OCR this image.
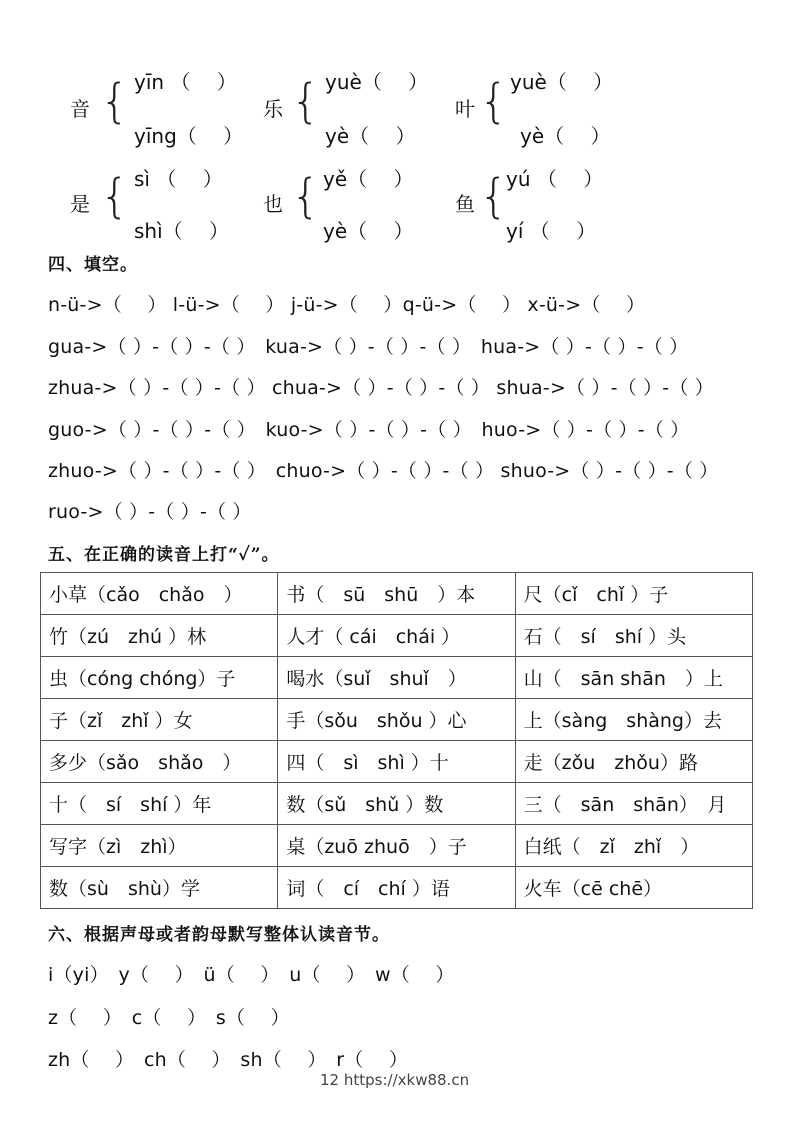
音 { yīn （　 ）
yīng（　 ）
乐 { yuè（　 ）
yè（　 ）
叶 { yuè（　 ）
yè（　 ）
是 { sì （　 ）
shì（　 ）
也 { yě（　 ）
yè（　 ）
鱼 {
yú （　 ）
yí （　 ）
四、填空。
n-ü->（　 ） l-ü->（　 ） j-ü->（　 ）q-ü->（　 ） x-ü->（　 ）
gua->（ ）-（ ）-（ ）　kua->（ ）-（ ）-（ ）　hua->（ ）-（ ）-（ ）
zhua->（ ）-（ ）-（ ） chua->（ ）-（ ）-（ ） shua->（ ）-（ ）-（ ）
guo->（ ）-（ ）-（ ）　kuo->（ ）-（ ）-（ ）　huo->（ ）-（ ）-（ ）
zhuo->（ ）-（ ）-（ ）　chuo->（ ）-（ ）-（ ） shuo->（ ）-（ ）-（ ）
ruo->（ ）-（ ）-（ ）
五、在正确的读音上打“✓”。
小草（cǎo　chǎo　）	书（　sū　shū　）本	尺（cǐ　chǐ ）子
竹（zú　zhú ）林	人才（ cái　chái ）	石（　sí　shí ）头
虫（cóng chóng）子	喝水（suǐ　shuǐ　）	山（　sān shān　）上
子（zǐ　zhǐ ）女	手（sǒu　shǒu ）心	上（sàng　shàng）去
多少（sǎo　shǎo　）	四（　sì　shì ）十	走（zǒu　zhǒu）路
十（　sí　shí ）年	数（sǔ　shǔ ）数	三（　sān　shān）　月
写字（zì　zhì）	桌（zuō zhuō　）子	白纸（　zǐ　zhǐ　）
数（sù　shù）学	词（　cí　chí ）语	火车（cē chē）
六、根据声母或者韵母默写整体认读音节。
i（yi）　y（　 ）　ü（　 ）　u（　 ）　w（　 ）
z（　 ）　c（　 ）　s（　 ）
zh（　 ）　ch（　 ）　sh（　 ）　r（　 ）
12 https://xkw88.cn
